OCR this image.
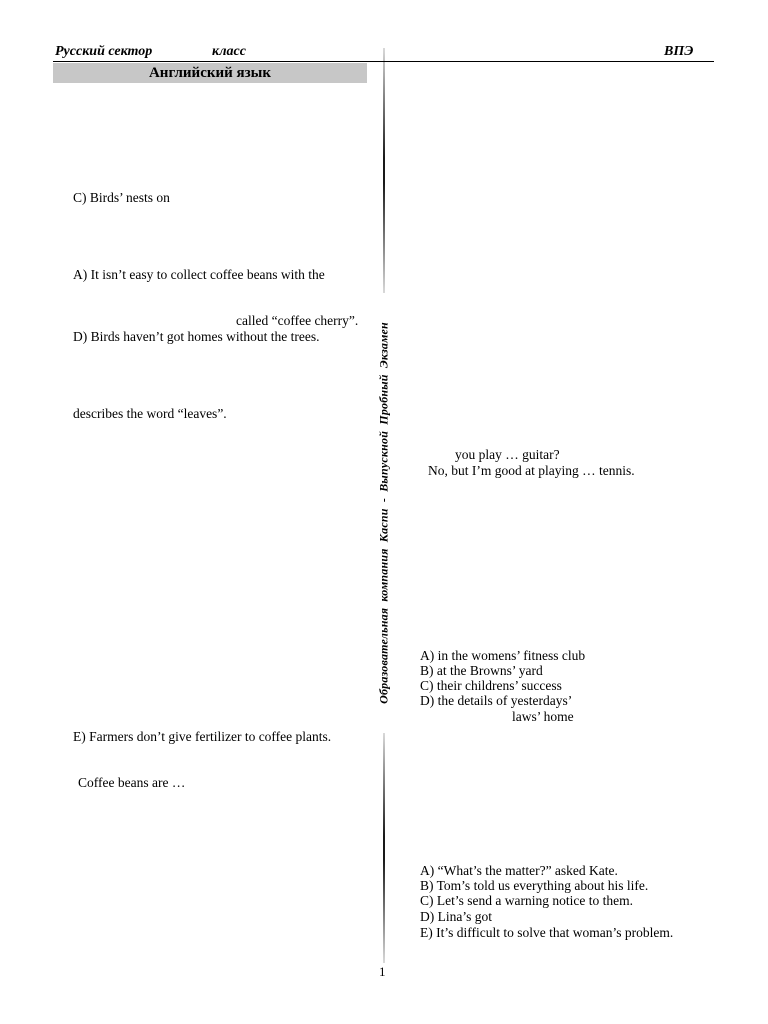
Русский сектор	класс	ВПЭ
Английский язык
Образовательная компания Каспи - Выпускной Пробный Экзамен
C) Birds’ nests on
A) It isn’t easy to collect coffee beans with the
called “coffee cherry”.
D) Birds haven’t got homes without the trees.
describes the word “leaves”.
E) Farmers don’t give fertilizer to coffee plants.
Coffee beans are …
you play … guitar?
No, but I’m good at playing … tennis.
A) in the womens’ fitness club
B) at the Browns’ yard
C) their childrens’ success
D) the details of yesterdays’
laws’ home
A) “What’s the matter?” asked Kate.
B) Tom’s told us everything about his life.
C) Let’s send a warning notice to them.
D) Lina’s got
E) It’s difficult to solve that woman’s problem.
1
